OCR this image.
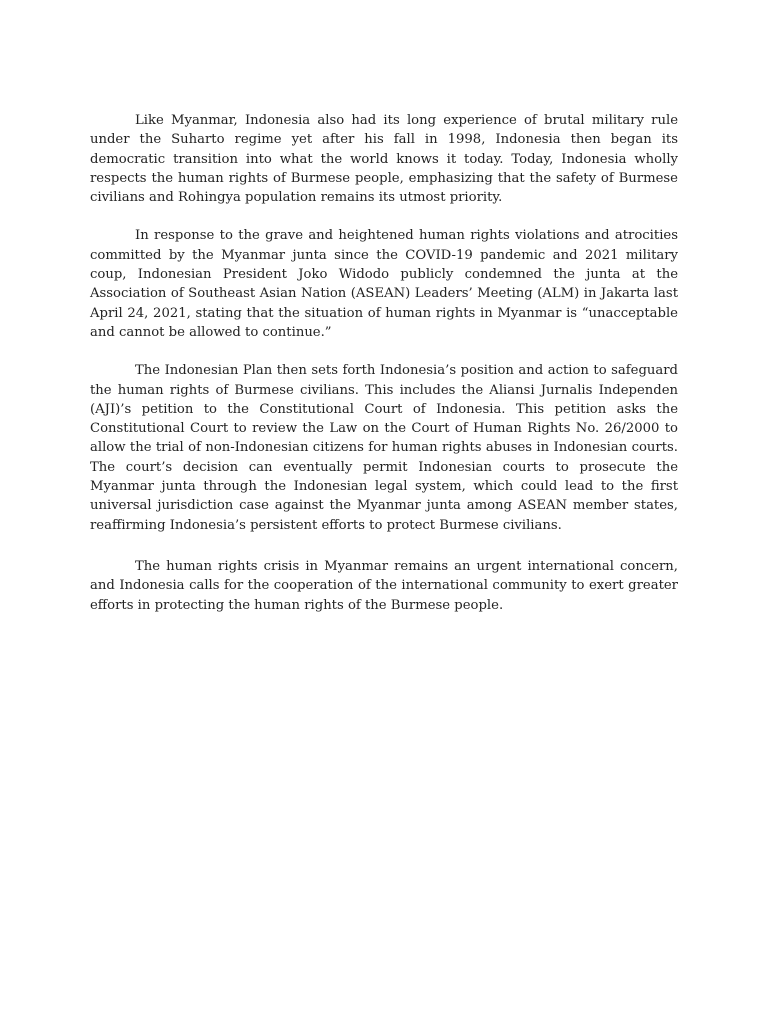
Like Myanmar, Indonesia also had its long experience of brutal military rule under the Suharto regime yet after his fall in 1998, Indonesia then began its democratic transition into what the world knows it today. Today, Indonesia wholly respects the human rights of Burmese people, emphasizing that the safety of Burmese civilians and Rohingya population remains its utmost priority.

In response to the grave and heightened human rights violations and atrocities committed by the Myanmar junta since the COVID-19 pandemic and 2021 military coup, Indonesian President Joko Widodo publicly condemned the junta at the Association of Southeast Asian Nation (ASEAN) Leaders’ Meeting (ALM) in Jakarta last April 24, 2021, stating that the situation of human rights in Myanmar is “unacceptable and cannot be allowed to continue.”

The Indonesian Plan then sets forth Indonesia’s position and action to safeguard the human rights of Burmese civilians. This includes the Aliansi Jurnalis Independen (AJI)’s petition to the Constitutional Court of Indonesia. This petition asks the Constitutional Court to review the Law on the Court of Human Rights No. 26/2000 to allow the trial of non-Indonesian citizens for human rights abuses in Indonesian courts. The court’s decision can eventually permit Indonesian courts to prosecute the Myanmar junta through the Indonesian legal system, which could lead to the first universal jurisdiction case against the Myanmar junta among ASEAN member states, reaffirming Indonesia’s persistent efforts to protect Burmese civilians.

The human rights crisis in Myanmar remains an urgent international concern, and Indonesia calls for the cooperation of the international community to exert greater efforts in protecting the human rights of the Burmese people.
